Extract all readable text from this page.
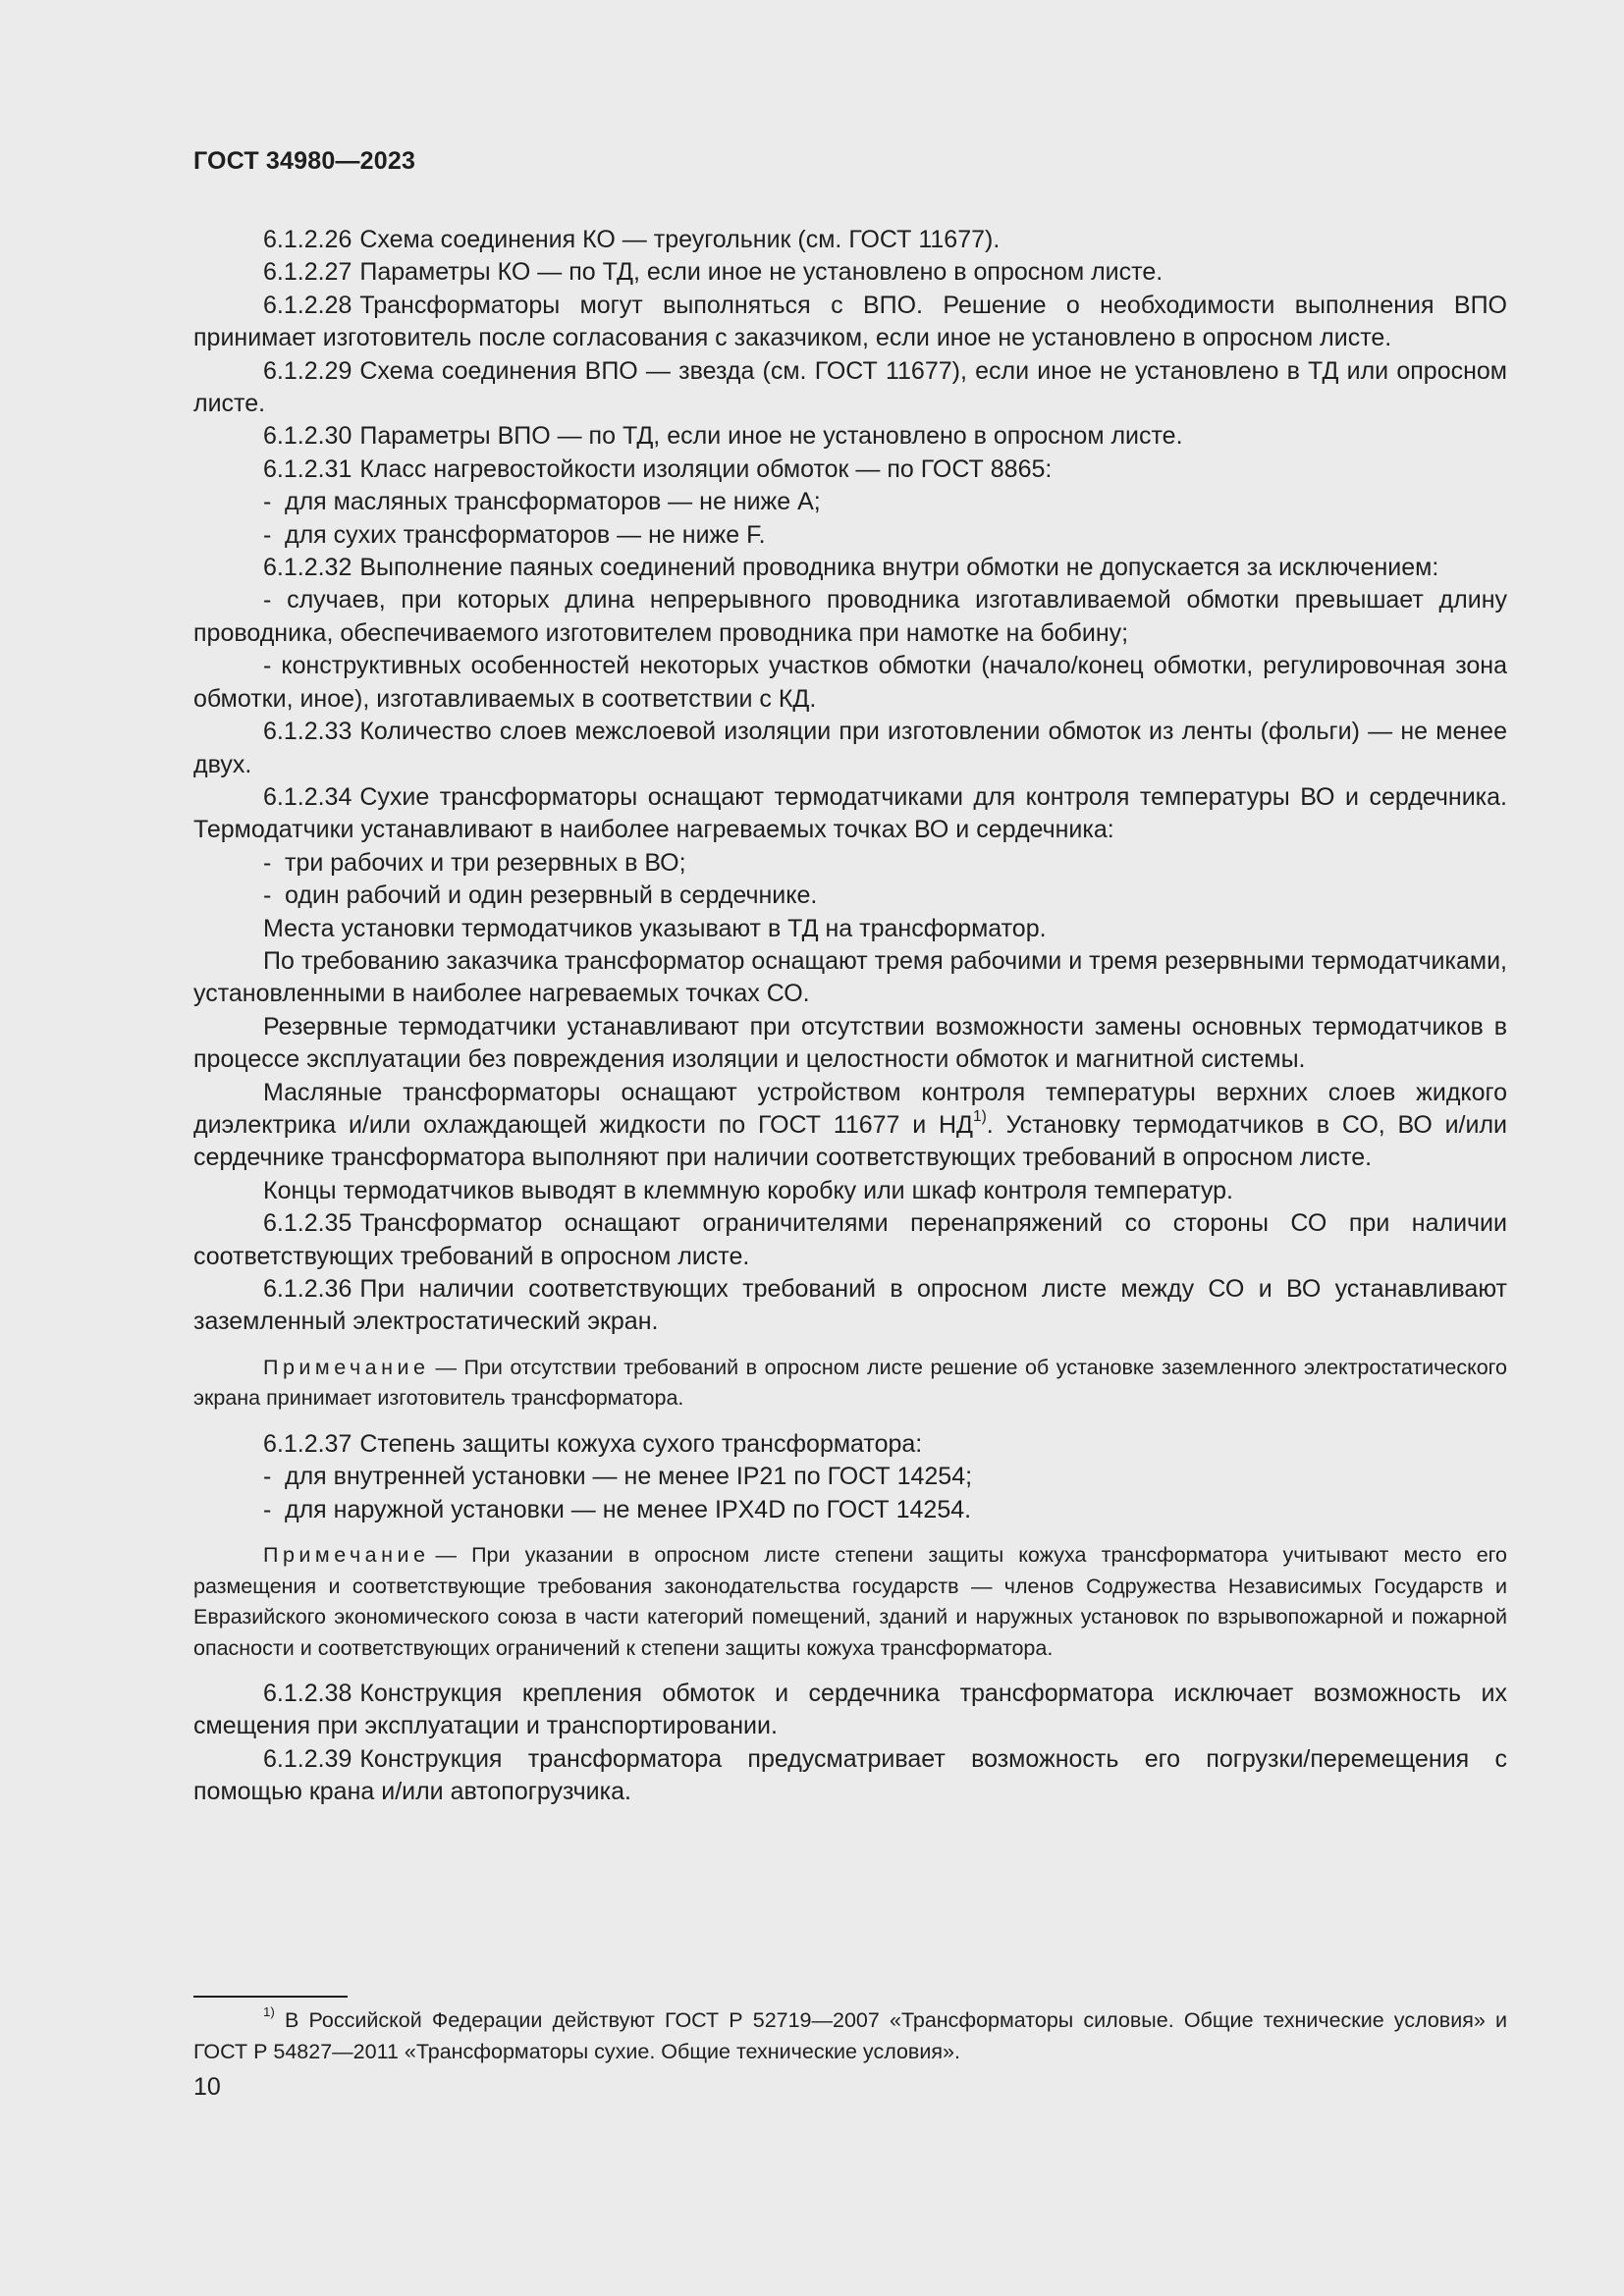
ГОСТ 34980—2023

6.1.2.26 Схема соединения КО — треугольник (см. ГОСТ 11677).

6.1.2.27 Параметры КО — по ТД, если иное не установлено в опросном листе.

6.1.2.28 Трансформаторы могут выполняться с ВПО. Решение о необходимости выполнения ВПО принимает изготовитель после согласования с заказчиком, если иное не установлено в опросном листе.

6.1.2.29 Схема соединения ВПО — звезда (см. ГОСТ 11677), если иное не установлено в ТД или опросном листе.

6.1.2.30 Параметры ВПО — по ТД, если иное не установлено в опросном листе.

6.1.2.31 Класс нагревостойкости изоляции обмоток — по ГОСТ 8865:

- для масляных трансформаторов — не ниже А;

- для сухих трансформаторов — не ниже F.

6.1.2.32 Выполнение паяных соединений проводника внутри обмотки не допускается за исключением:

- случаев, при которых длина непрерывного проводника изготавливаемой обмотки превышает длину проводника, обеспечиваемого изготовителем проводника при намотке на бобину;

- конструктивных особенностей некоторых участков обмотки (начало/конец обмотки, регулировочная зона обмотки, иное), изготавливаемых в соответствии с КД.

6.1.2.33 Количество слоев межслоевой изоляции при изготовлении обмоток из ленты (фольги) — не менее двух.

6.1.2.34 Сухие трансформаторы оснащают термодатчиками для контроля температуры ВО и сердечника. Термодатчики устанавливают в наиболее нагреваемых точках ВО и сердечника:

- три рабочих и три резервных в ВО;

- один рабочий и один резервный в сердечнике.

Места установки термодатчиков указывают в ТД на трансформатор.

По требованию заказчика трансформатор оснащают тремя рабочими и тремя резервными термодатчиками, установленными в наиболее нагреваемых точках СО.

Резервные термодатчики устанавливают при отсутствии возможности замены основных термодатчиков в процессе эксплуатации без повреждения изоляции и целостности обмоток и магнитной системы.

Масляные трансформаторы оснащают устройством контроля температуры верхних слоев жидкого диэлектрика и/или охлаждающей жидкости по ГОСТ 11677 и НД$^{1)}$. Установку термодатчиков в СО, ВО и/или сердечнике трансформатора выполняют при наличии соответствующих требований в опросном листе.

Концы термодатчиков выводят в клеммную коробку или шкаф контроля температур.

6.1.2.35 Трансформатор оснащают ограничителями перенапряжений со стороны СО при наличии соответствующих требований в опросном листе.

6.1.2.36 При наличии соответствующих требований в опросном листе между СО и ВО устанавливают заземленный электростатический экран.

Примечание — При отсутствии требований в опросном листе решение об установке заземленного электростатического экрана принимает изготовитель трансформатора.

6.1.2.37 Степень защиты кожуха сухого трансформатора:

- для внутренней установки — не менее IP21 по ГОСТ 14254;

- для наружной установки — не менее IPX4D по ГОСТ 14254.

Примечание — При указании в опросном листе степени защиты кожуха трансформатора учитывают место его размещения и соответствующие требования законодательства государств — членов Содружества Независимых Государств и Евразийского экономического союза в части категорий помещений, зданий и наружных установок по взрывопожарной и пожарной опасности и соответствующих ограничений к степени защиты кожуха трансформатора.

6.1.2.38 Конструкция крепления обмоток и сердечника трансформатора исключает возможность их смещения при эксплуатации и транспортировании.

6.1.2.39 Конструкция трансформатора предусматривает возможность его погрузки/перемещения с помощью крана и/или автопогрузчика.

$^{1)}$ В Российской Федерации действуют ГОСТ Р 52719—2007 «Трансформаторы силовые. Общие технические условия» и ГОСТ Р 54827—2011 «Трансформаторы сухие. Общие технические условия».
10
